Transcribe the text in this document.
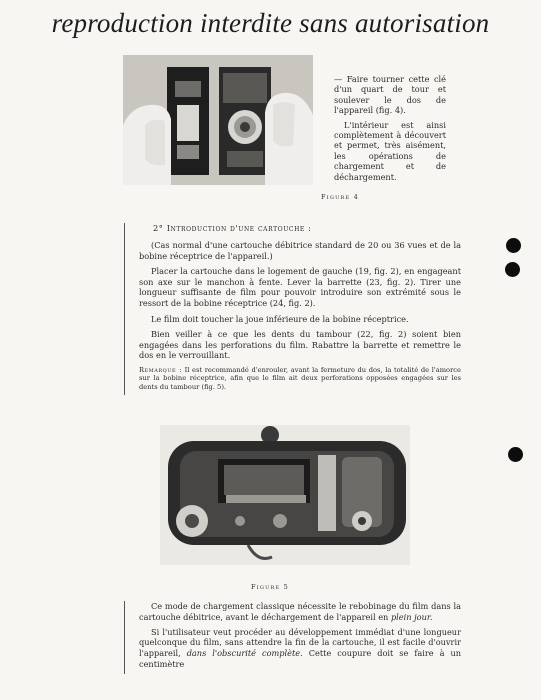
reproduction interdite sans autorisation

— Faire tourner cette clé d'un quart de tour et soulever le dos de l'appareil (fig. 4).

L'intérieur est ainsi complètement à découvert et permet, très aisément, les opérations de chargement et de déchargement.

Figure 4

2° Introduction d'une cartouche :

(Cas normal d'une cartouche débitrice standard de 20 ou 36 vues et de la bobine réceptrice de l'appareil.)

Placer la cartouche dans le logement de gauche (19, fig. 2), en engageant son axe sur le manchon à fente. Lever la barrette (23, fig. 2). Tirer une longueur suffisante de film pour pouvoir introduire son extrémité sous le ressort de la bobine réceptrice (24, fig. 2).

Le film doit toucher la joue inférieure de la bobine réceptrice.

Bien veiller à ce que les dents du tambour (22, fig. 2) soient bien engagées dans les perforations du film. Rabattre la barrette et remettre le dos en le verrouillant.

Remarque : Il est recommandé d'enrouler, avant la fermeture du dos, la totalité de l'amorce sur la bobine réceptrice, afin que le film ait deux perforations opposées engagées sur les dents du tambour (fig. 5).

Figure 5

Ce mode de chargement classique nécessite le rebobinage du film dans la cartouche débitrice, avant le déchargement de l'appareil en plein jour.

Si l'utilisateur veut procéder au développement immédiat d'une longueur quelconque du film, sans attendre la fin de la cartouche, il est facile d'ouvrir l'appareil, dans l'obscurité complète. Cette coupure doit se faire à un centimètre
